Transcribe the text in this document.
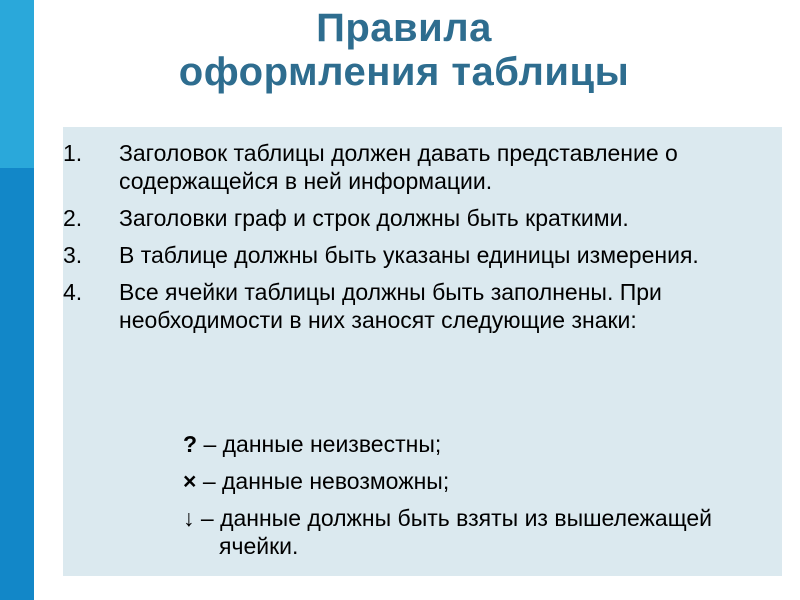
Правила
оформления таблицы
1. Заголовок таблицы должен давать представление о содержащейся в ней информации.
2. Заголовки граф и строк должны быть краткими.
3. В таблице должны быть указаны единицы измерения.
4. Все ячейки таблицы должны быть заполнены. При необходимости в них заносят следующие знаки:
? – данные неизвестны;
× – данные невозможны;
↓ – данные должны быть взяты из вышележащей ячейки.
